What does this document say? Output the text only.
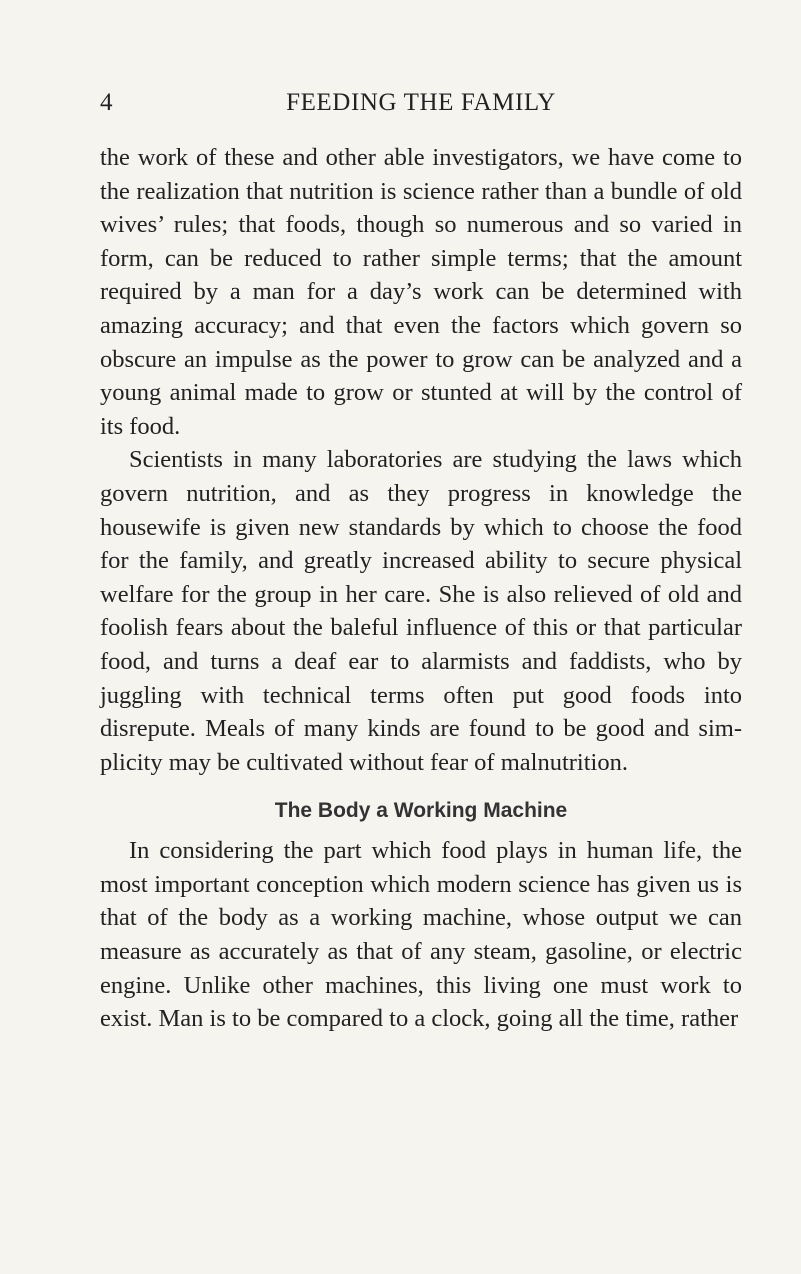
4	FEEDING THE FAMILY

the work of these and other able investigators, we have come to the realization that nutrition is science rather than a bundle of old wives’ rules; that foods, though so numerous and so varied in form, can be reduced to rather simple terms; that the amount required by a man for a day’s work can be determined with amazing accuracy; and that even the factors which govern so obscure an impulse as the power to grow can be analyzed and a young animal made to grow or stunted at will by the control of its food.

Scientists in many laboratories are studying the laws which govern nutrition, and as they progress in knowledge the housewife is given new standards by which to choose the food for the family, and greatly increased ability to secure physical welfare for the group in her care. She is also relieved of old and foolish fears about the baleful influence of this or that particular food, and turns a deaf ear to alarmists and faddists, who by juggling with technical terms often put good foods into disrepute. Meals of many kinds are found to be good and simplicity may be cultivated without fear of malnutrition.

The Body a Working Machine

In considering the part which food plays in human life, the most important conception which modern science has given us is that of the body as a working machine, whose output we can measure as accurately as that of any steam, gasoline, or electric engine. Unlike other machines, this living one must work to exist. Man is to be compared to a clock, going all the time, rather
